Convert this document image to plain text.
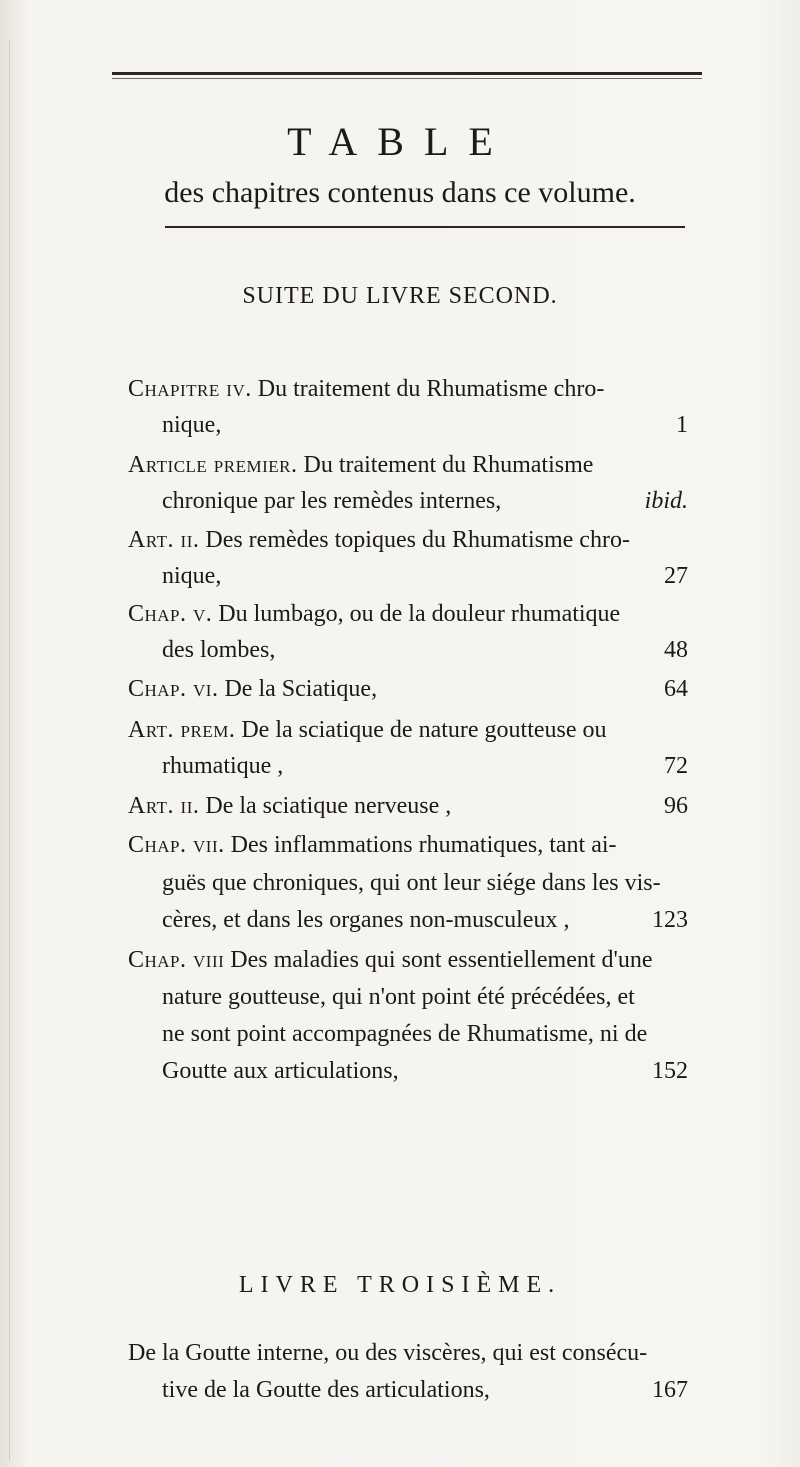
TABLE
des chapitres contenus dans ce volume.
SUITE DU LIVRE SECOND.
Chapitre iv. Du traitement du Rhumatisme chro-
nique,	1
Article premier. Du traitement du Rhumatisme
chronique par les remèdes internes,	ibid.
Art. ii. Des remèdes topiques du Rhumatisme chro-
nique,	27
Chap. v. Du lumbago, ou de la douleur rhumatique
des lombes,	48
Chap. vi. De la Sciatique,	64
Art. prem. De la sciatique de nature goutteuse ou
rhumatique ,	72
Art. ii. De la sciatique nerveuse ,	96
Chap. vii. Des inflammations rhumatiques, tant ai-
guës que chroniques, qui ont leur siége dans les vis-
cères, et dans les organes non-musculeux ,	123
Chap. viii Des maladies qui sont essentiellement d'une
nature goutteuse, qui n'ont point été précédées, et
ne sont point accompagnées de Rhumatisme, ni de
Goutte aux articulations,	152
LIVRE TROISIÈME.
De la Goutte interne, ou des viscères, qui est consécu-
tive de la Goutte des articulations,	167
